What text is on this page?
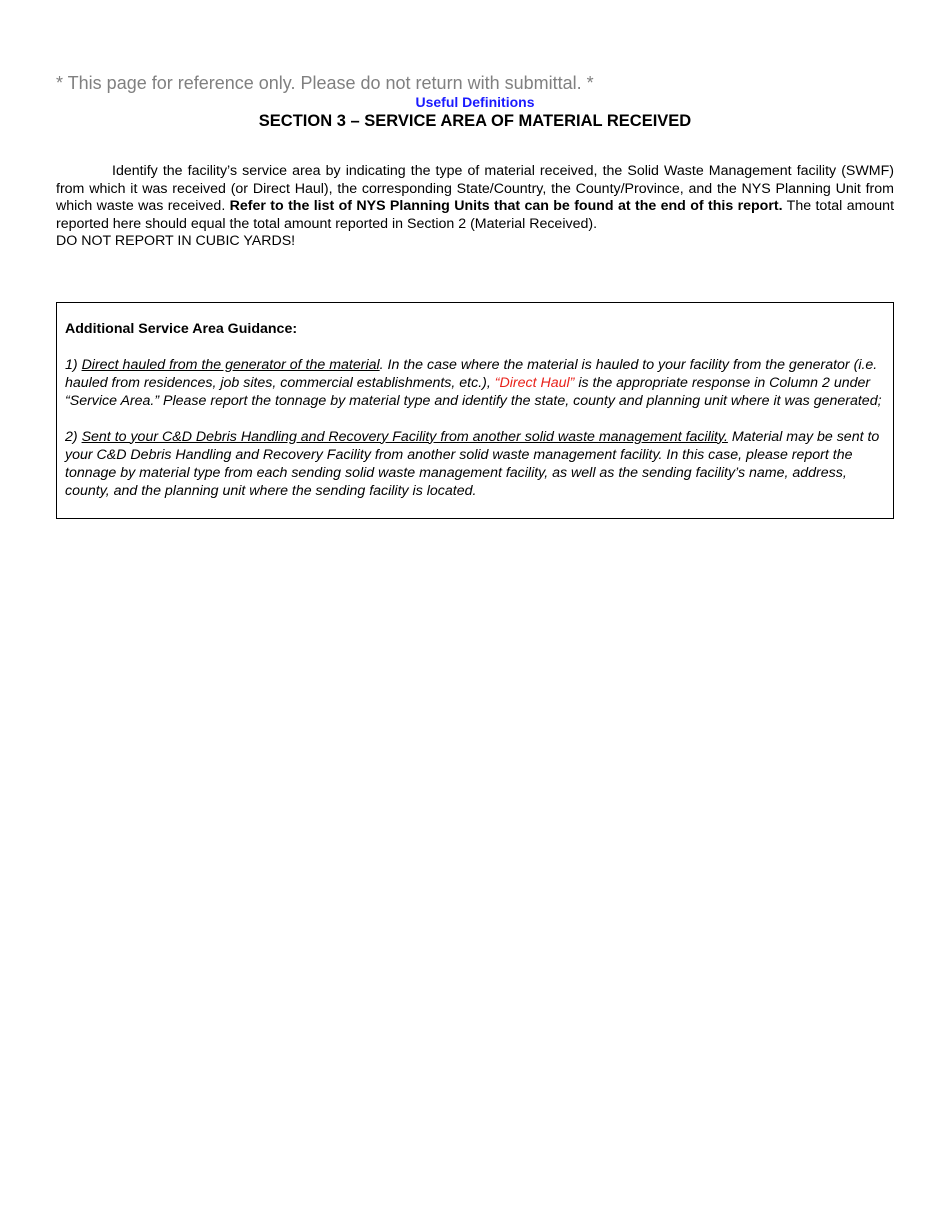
* This page for reference only. Please do not return with submittal. *
Useful Definitions
SECTION 3 – SERVICE AREA OF MATERIAL RECEIVED
Identify the facility’s service area by indicating the type of material received, the Solid Waste Management facility (SWMF) from which it was received (or Direct Haul), the corresponding State/Country, the County/Province, and the NYS Planning Unit from which waste was received. Refer to the list of NYS Planning Units that can be found at the end of this report. The total amount reported here should equal the total amount reported in Section 2 (Material Received).
DO NOT REPORT IN CUBIC YARDS!
Additional Service Area Guidance:
1) Direct hauled from the generator of the material. In the case where the material is hauled to your facility from the generator (i.e. hauled from residences, job sites, commercial establishments, etc.), “Direct Haul” is the appropriate response in Column 2 under “Service Area.” Please report the tonnage by material type and identify the state, county and planning unit where it was generated;
2) Sent to your C&D Debris Handling and Recovery Facility from another solid waste management facility. Material may be sent to your C&D Debris Handling and Recovery Facility from another solid waste management facility. In this case, please report the tonnage by material type from each sending solid waste management facility, as well as the sending facility’s name, address, county, and the planning unit where the sending facility is located.
